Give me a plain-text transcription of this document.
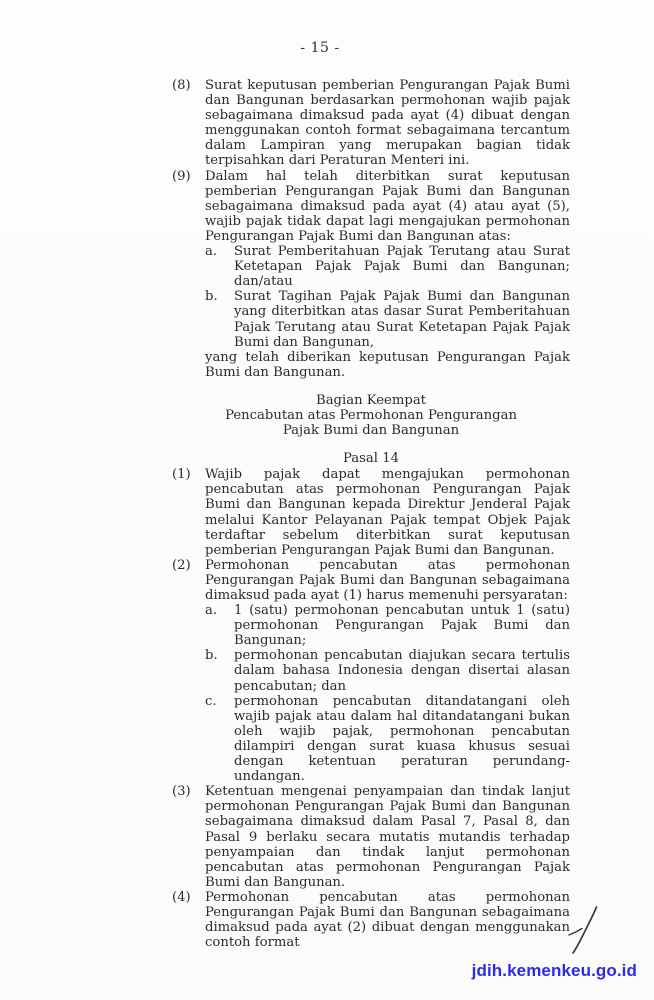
- 15 -
(8)	Surat keputusan pemberian Pengurangan Pajak Bumi dan Bangunan berdasarkan permohonan wajib pajak sebagaimana dimaksud pada ayat (4) dibuat dengan menggunakan contoh format sebagaimana tercantum dalam Lampiran yang merupakan bagian tidak terpisahkan dari Peraturan Menteri ini.
(9)	Dalam hal telah diterbitkan surat keputusan pemberian Pengurangan Pajak Bumi dan Bangunan sebagaimana dimaksud pada ayat (4) atau ayat (5), wajib pajak tidak dapat lagi mengajukan permohonan Pengurangan Pajak Bumi dan Bangunan atas:
a.	Surat Pemberitahuan Pajak Terutang atau Surat Ketetapan Pajak Pajak Bumi dan Bangunan; dan/atau
b.	Surat Tagihan Pajak Pajak Bumi dan Bangunan yang diterbitkan atas dasar Surat Pemberitahuan Pajak Terutang atau Surat Ketetapan Pajak Pajak Bumi dan Bangunan,
yang telah diberikan keputusan Pengurangan Pajak Bumi dan Bangunan.
Bagian Keempat
Pencabutan atas Permohonan Pengurangan
Pajak Bumi dan Bangunan
Pasal 14
(1)	Wajib pajak dapat mengajukan permohonan pencabutan atas permohonan Pengurangan Pajak Bumi dan Bangunan kepada Direktur Jenderal Pajak melalui Kantor Pelayanan Pajak tempat Objek Pajak terdaftar sebelum diterbitkan surat keputusan pemberian Pengurangan Pajak Bumi dan Bangunan.
(2)	Permohonan pencabutan atas permohonan Pengurangan Pajak Bumi dan Bangunan sebagaimana dimaksud pada ayat (1) harus memenuhi persyaratan:
a.	1 (satu) permohonan pencabutan untuk 1 (satu) permohonan Pengurangan Pajak Bumi dan Bangunan;
b.	permohonan pencabutan diajukan secara tertulis dalam bahasa Indonesia dengan disertai alasan pencabutan; dan
c.	permohonan pencabutan ditandatangani oleh wajib pajak atau dalam hal ditandatangani bukan oleh wajib pajak, permohonan pencabutan dilampiri dengan surat kuasa khusus sesuai dengan ketentuan peraturan perundang-undangan.
(3)	Ketentuan mengenai penyampaian dan tindak lanjut permohonan Pengurangan Pajak Bumi dan Bangunan sebagaimana dimaksud dalam Pasal 7, Pasal 8, dan Pasal 9 berlaku secara mutatis mutandis terhadap penyampaian dan tindak lanjut permohonan pencabutan atas permohonan Pengurangan Pajak Bumi dan Bangunan.
(4)	Permohonan pencabutan atas permohonan Pengurangan Pajak Bumi dan Bangunan sebagaimana dimaksud pada ayat (2) dibuat dengan menggunakan contoh format
jdih.kemenkeu.go.id
